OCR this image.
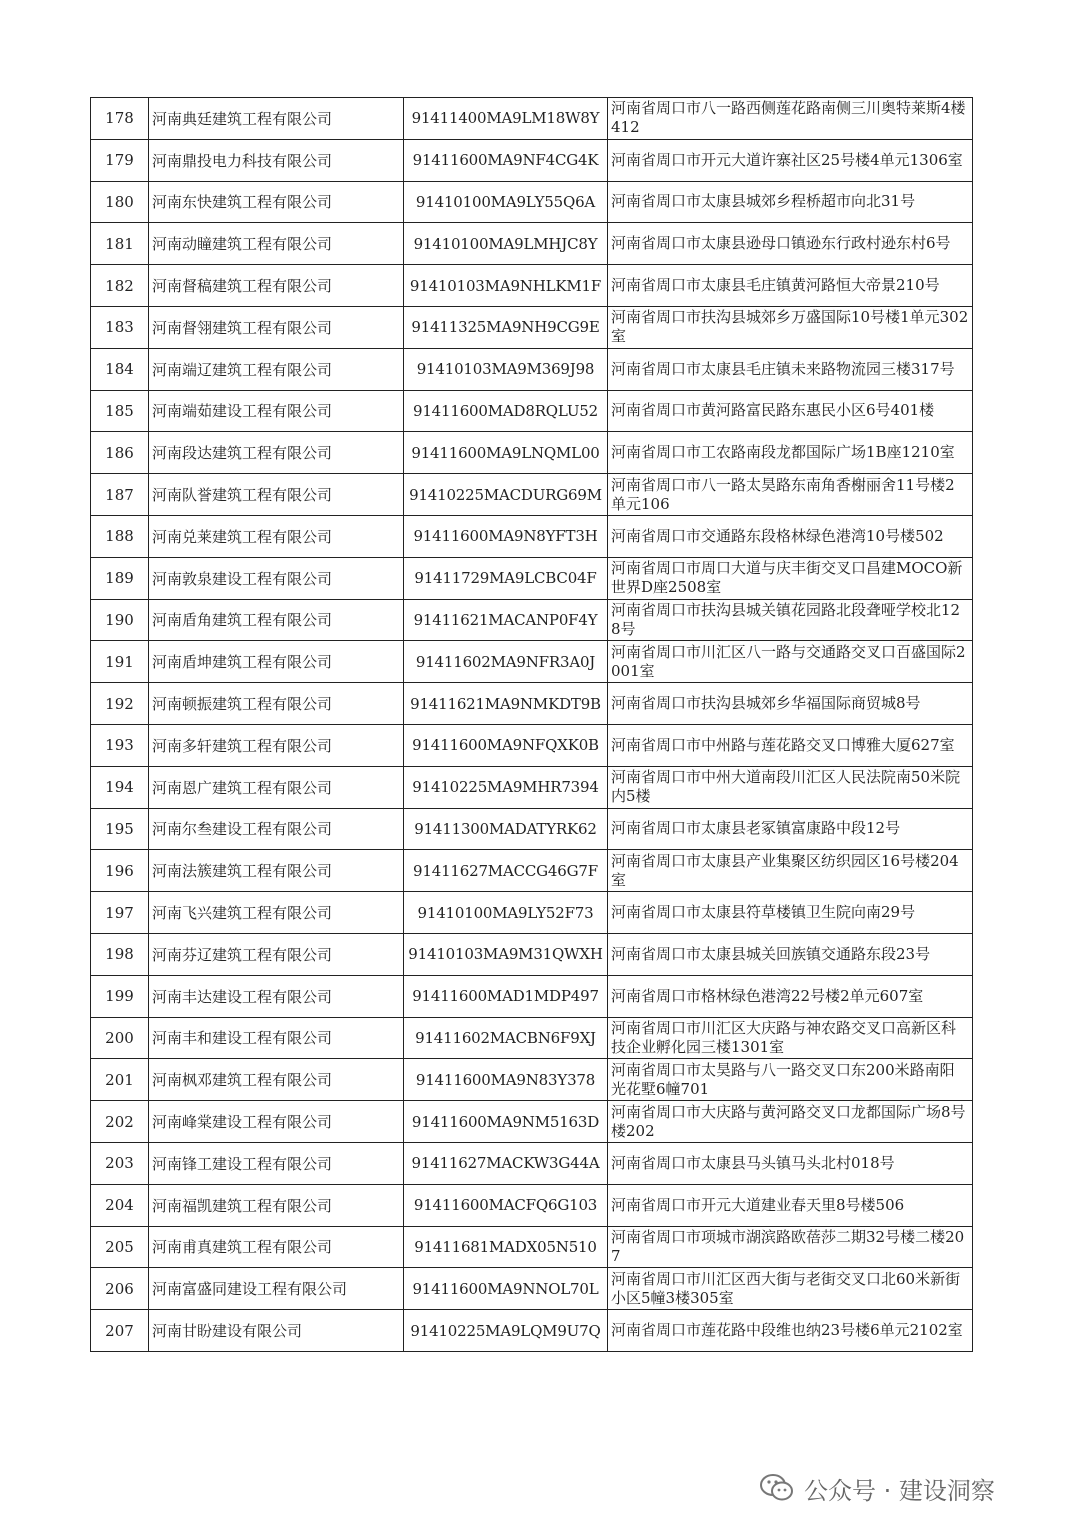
178	河南典廷建筑工程有限公司	91411400MA9LM18W8Y	河南省周口市八一路西侧莲花路南侧三川奥特莱斯4楼412
179	河南鼎投电力科技有限公司	91411600MA9NF4CG4K	河南省周口市开元大道许寨社区25号楼4单元1306室
180	河南东快建筑工程有限公司	91410100MA9LY55Q6A	河南省周口市太康县城郊乡程桥超市向北31号
181	河南动瞳建筑工程有限公司	91410100MA9LMHJC8Y	河南省周口市太康县逊母口镇逊东行政村逊东村6号
182	河南督稿建筑工程有限公司	91410103MA9NHLKM1F	河南省周口市太康县毛庄镇黄河路恒大帝景210号
183	河南督翎建筑工程有限公司	91411325MA9NH9CG9E	河南省周口市扶沟县城郊乡万盛国际10号楼1单元302室
184	河南端辽建筑工程有限公司	91410103MA9M369J98	河南省周口市太康县毛庄镇未来路物流园三楼317号
185	河南端茹建设工程有限公司	91411600MAD8RQLU52	河南省周口市黄河路富民路东惠民小区6号401楼
186	河南段达建筑工程有限公司	91411600MA9LNQML00	河南省周口市工农路南段龙都国际广场1B座1210室
187	河南队誉建筑工程有限公司	91410225MACDURG69M	河南省周口市八一路太昊路东南角香榭丽舍11号楼2单元106
188	河南兑莱建筑工程有限公司	91411600MA9N8YFT3H	河南省周口市交通路东段格林绿色港湾10号楼502
189	河南敦泉建设工程有限公司	91411729MA9LCBC04F	河南省周口市周口大道与庆丰街交叉口昌建MOCO新世界D座2508室
190	河南盾角建筑工程有限公司	91411621MACANP0F4Y	河南省周口市扶沟县城关镇花园路北段聋哑学校北128号
191	河南盾坤建筑工程有限公司	91411602MA9NFR3A0J	河南省周口市川汇区八一路与交通路交叉口百盛国际2001室
192	河南顿振建筑工程有限公司	91411621MA9NMKDT9B	河南省周口市扶沟县城郊乡华福国际商贸城8号
193	河南多轩建筑工程有限公司	91411600MA9NFQXK0B	河南省周口市中州路与莲花路交叉口博雅大厦627室
194	河南恩广建筑工程有限公司	91410225MA9MHR7394	河南省周口市中州大道南段川汇区人民法院南50米院内5楼
195	河南尔叁建设工程有限公司	91411300MADATYRK62	河南省周口市太康县老冢镇富康路中段12号
196	河南法簇建筑工程有限公司	91411627MACCG46G7F	河南省周口市太康县产业集聚区纺织园区16号楼204室
197	河南飞兴建筑工程有限公司	91410100MA9LY52F73	河南省周口市太康县符草楼镇卫生院向南29号
198	河南芬辽建筑工程有限公司	91410103MA9M31QWXH	河南省周口市太康县城关回族镇交通路东段23号
199	河南丰达建设工程有限公司	91411600MAD1MDP497	河南省周口市格林绿色港湾22号楼2单元607室
200	河南丰和建设工程有限公司	91411602MACBN6F9XJ	河南省周口市川汇区大庆路与神农路交叉口高新区科技企业孵化园三楼1301室
201	河南枫邓建筑工程有限公司	91411600MA9N83Y378	河南省周口市太昊路与八一路交叉口东200米路南阳光花墅6幢701
202	河南峰棠建设工程有限公司	91411600MA9NM5163D	河南省周口市大庆路与黄河路交叉口龙都国际广场8号楼202
203	河南锋工建设工程有限公司	91411627MACKW3G44A	河南省周口市太康县马头镇马头北村018号
204	河南福凯建筑工程有限公司	91411600MACFQ6G103	河南省周口市开元大道建业春天里8号楼506
205	河南甫真建筑工程有限公司	91411681MADX05N510	河南省周口市项城市湖滨路欧蓓莎二期32号楼二楼207
206	河南富盛同建设工程有限公司	91411600MA9NNOL70L	河南省周口市川汇区西大街与老街交叉口北60米新街小区5幢3楼305室
207	河南甘盼建设有限公司	91410225MA9LQM9U7Q	河南省周口市莲花路中段维也纳23号楼6单元2102室
公众号 · 建设洞察
